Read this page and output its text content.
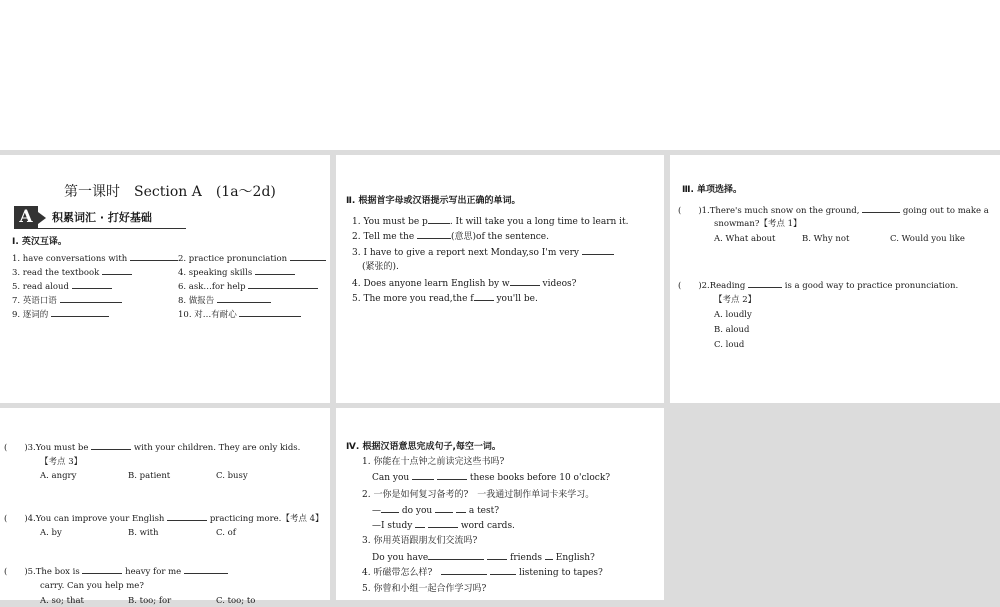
第一课时　Section A　(1a～2d)
Ⅰ. 英汉互译。
1. have conversations with	2. practice pronunciation
3. read the textbook	4. speaking skills
5. read aloud	6. ask…for help
7. 英语口语	8. 做报告
9. 逐词的	10. 对…有耐心
A	积累词汇 · 打好基础
Ⅱ. 根据首字母或汉语提示写出正确的单词。
1. You must be p . It will take you a long time to learn it.
2. Tell me the	(意思)of the sentence.
3. I have to give a report next Monday,so I'm very
(紧张的).
4. Does anyone learn English by w	videos?
5. The more you read,the f	you'll be.
Ⅲ. 单项选择。
(　　)1.There's much snow on the ground,	going out to make a
snowman?【考点 1】
A. What about	B. Why not	C. Would you like
(　　)2.Reading	is a good way to practice pronunciation.
【考点 2】
A. loudly
B. aloud
C. loud
(　　)3.You must be	with your children. They are only kids.
【考点 3】
A. angry	B. patient	C. busy
(　　)4.You can improve your English	practicing more.【考点 4】
A. by	B. with	C. of
(　　)5.The box is	heavy for me
carry. Can you help me?
A. so; that	B. too; for	C. too; to
Ⅳ. 根据汉语意思完成句子,每空一词。
1. 你能在十点钟之前读完这些书吗?
Can you	these books before 10 o'clock?
2. 一你是如何复习备考的?　一我通过制作单词卡来学习。
— do you	a test?
—I study	word cards.
3. 你用英语跟朋友们交流吗?
Do you have	friends English?
4. 听磁带怎么样?　	listening to tapes?
5. 你曾和小组一起合作学习吗?
